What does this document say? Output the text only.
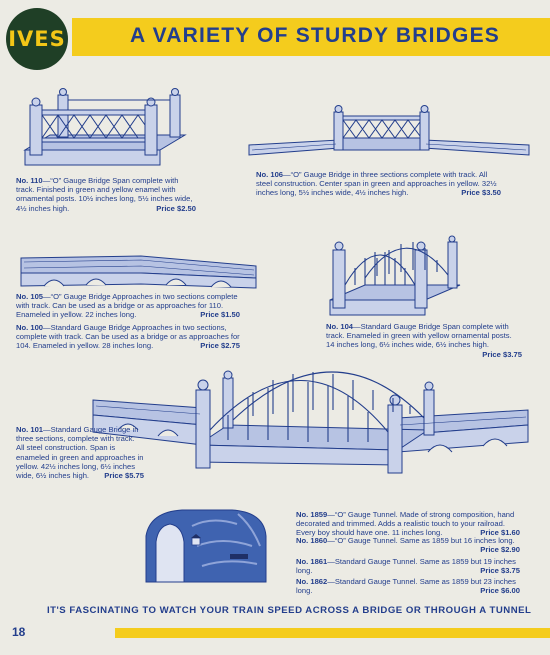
IVES	A VARIETY OF STURDY BRIDGES
No. 110—“O” Gauge Bridge Span complete with track. Finished in green and yellow enamel with ornamental posts. 10½ inches long, 5½ inches wide, 4½ inches high.	Price $2.50
No. 106—“O” Gauge Bridge in three sections complete with track. All steel construction. Center span in green and approaches in yellow. 32½ inches long, 5½ inches wide, 4½ inches high.	Price $3.50
No. 105—“O” Gauge Bridge Approaches in two sections complete with track. Can be used as a bridge or as approaches for 110. Enameled in yellow. 22 inches long.	Price $1.50
No. 100—Standard Gauge Bridge Approaches in two sections, complete with track. Can be used as a bridge or as approaches for 104. Enameled in yellow. 28 inches long.	Price $2.75
No. 104—Standard Gauge Bridge Span complete with track. Enameled in green with yellow ornamental posts. 14 inches long, 6½ inches wide, 6½ inches high.
Price $3.75
No. 101—Standard Gauge Bridge in three sections, complete with track. All steel construction. Span is enameled in green and approaches in yellow. 42½ inches long, 6½ inches wide, 6½ inches high. Price $5.75
No. 1859—“O” Gauge Tunnel. Made of strong composition, hand decorated and trimmed. Adds a realistic touch to your railroad. Every boy should have one. 11 inches long.	Price $1.60
No. 1860—“O” Gauge Tunnel. Same as 1859 but 16 inches long.
Price $2.90
No. 1861—Standard Gauge Tunnel. Same as 1859 but 19 inches long.	Price $3.75
No. 1862—Standard Gauge Tunnel. Same as 1859 but 23 inches long.	Price $6.00
IT'S FASCINATING TO WATCH YOUR TRAIN SPEED ACROSS A BRIDGE OR THROUGH A TUNNEL
18
